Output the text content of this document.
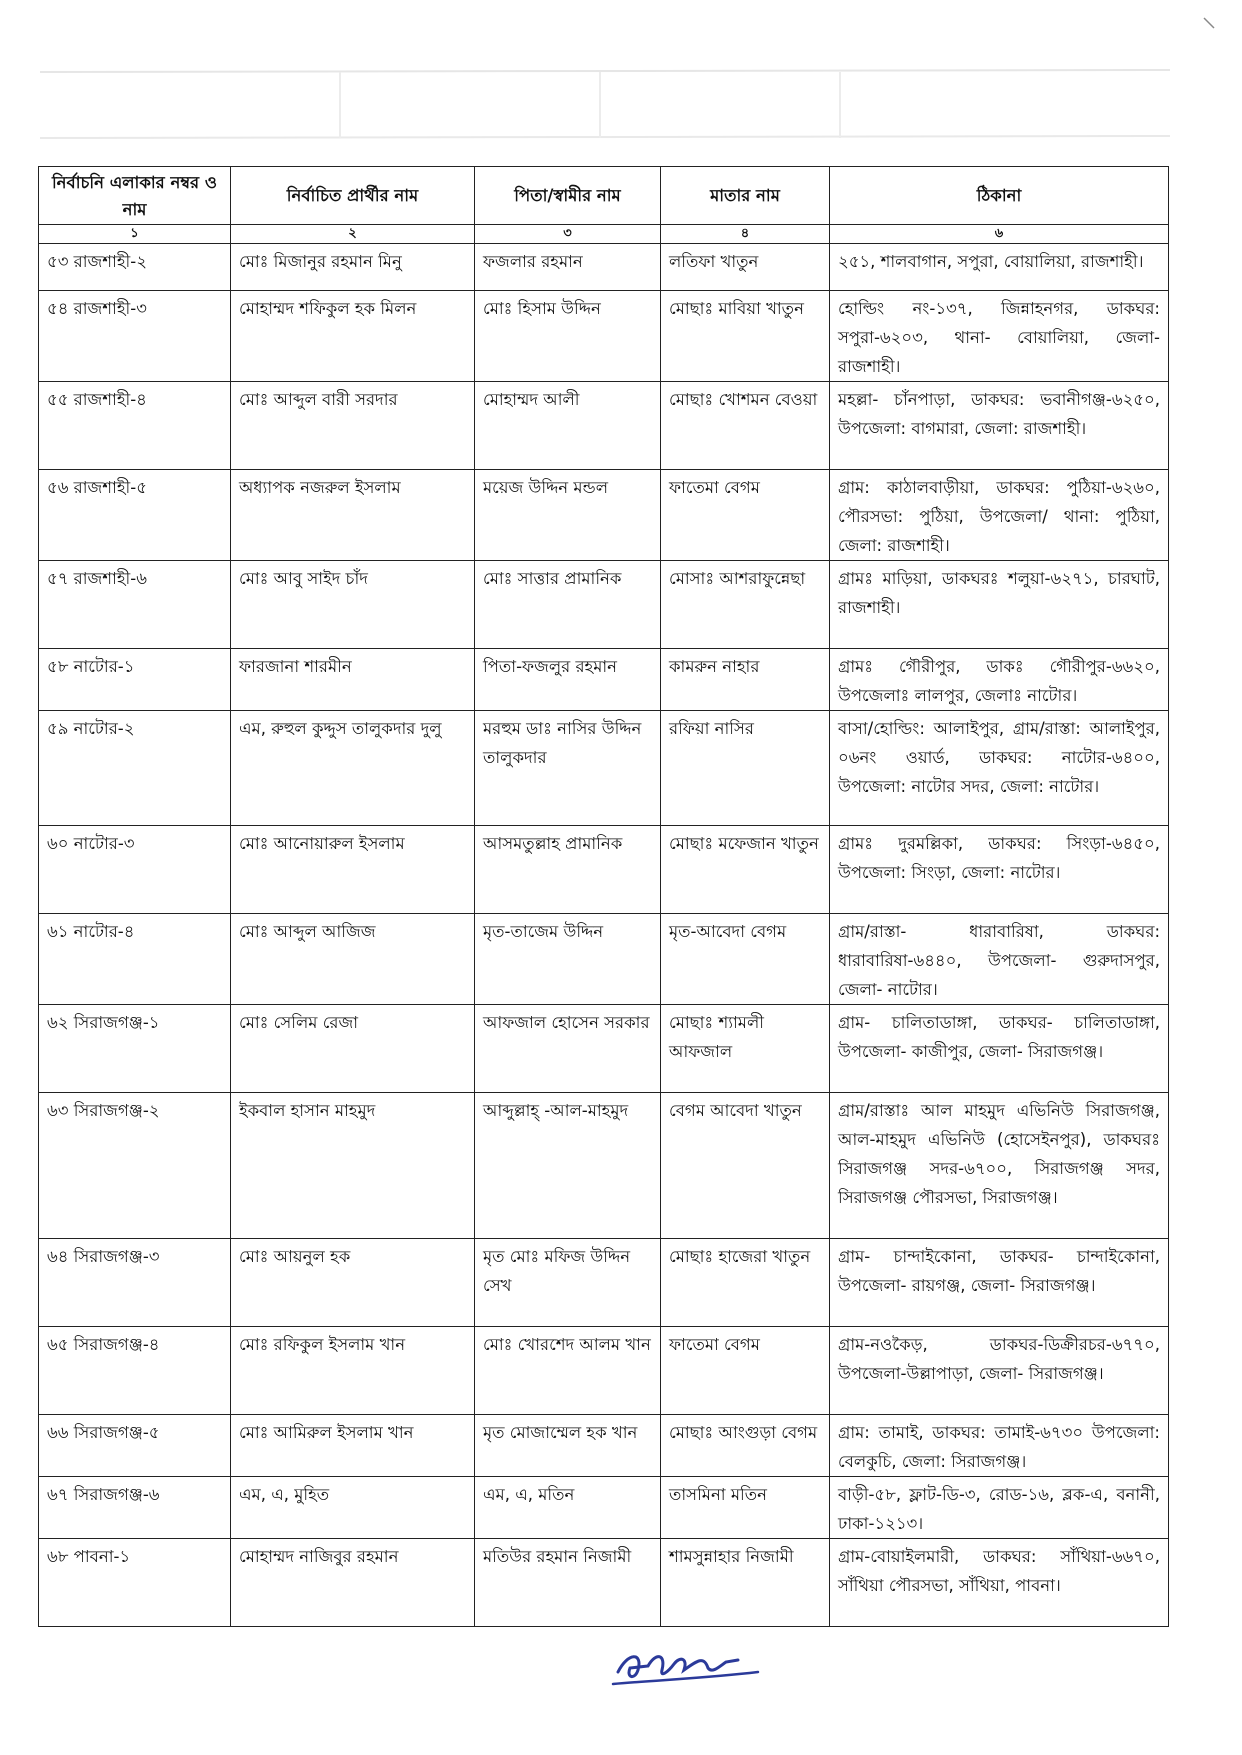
নির্বাচনি এলাকার নম্বর ও নাম	নির্বাচিত প্রার্থীর নাম	পিতা/স্বামীর নাম	মাতার নাম	ঠিকানা
১	২	৩	৪	৬
৫৩ রাজশাহী-২	মোঃ মিজানুর রহমান মিনু	ফজলার রহমান	লতিফা খাতুন	২৫১, শালবাগান, সপুরা, বোয়ালিয়া, রাজশাহী।
৫৪ রাজশাহী-৩	মোহাম্মদ শফিকুল হক মিলন	মোঃ হিসাম উদ্দিন	মোছাঃ মাবিয়া খাতুন	হোল্ডিং নং-১৩৭, জিন্নাহনগর, ডাকঘর: সপুরা-৬২০৩, থানা- বোয়ালিয়া, জেলা- রাজশাহী।
৫৫ রাজশাহী-৪	মোঃ আব্দুল বারী সরদার	মোহাম্মদ আলী	মোছাঃ খোশমন বেওয়া	মহল্লা- চাঁনপাড়া, ডাকঘর: ভবানীগঞ্জ-৬২৫০, উপজেলা: বাগমারা, জেলা: রাজশাহী।
৫৬ রাজশাহী-৫	অধ্যাপক নজরুল ইসলাম	ময়েজ উদ্দিন মন্ডল	ফাতেমা বেগম	গ্রাম: কাঠালবাড়ীয়া, ডাকঘর: পুঠিয়া-৬২৬০, পৌরসভা: পুঠিয়া, উপজেলা/ থানা: পুঠিয়া, জেলা: রাজশাহী।
৫৭ রাজশাহী-৬	মোঃ আবু সাইদ চাঁদ	মোঃ সাত্তার প্রামানিক	মোসাঃ আশরাফুন্নেছা	গ্রামঃ মাড়িয়া, ডাকঘরঃ শলুয়া-৬২৭১, চারঘাট, রাজশাহী।
৫৮ নাটোর-১	ফারজানা শারমীন	পিতা-ফজলুর রহমান	কামরুন নাহার	গ্রামঃ গৌরীপুর, ডাকঃ গৌরীপুর-৬৬২০, উপজেলাঃ লালপুর, জেলাঃ নাটোর।
৫৯ নাটোর-২	এম, রুহুল কুদ্দুস তালুকদার দুলু	মরহুম ডাঃ নাসির উদ্দিন তালুকদার	রফিয়া নাসির	বাসা/হোল্ডিং: আলাইপুর, গ্রাম/রাস্তা: আলাইপুর, ০৬নং ওয়ার্ড, ডাকঘর: নাটোর-৬৪০০, উপজেলা: নাটোর সদর, জেলা: নাটোর।
৬০ নাটোর-৩	মোঃ আনোয়ারুল ইসলাম	আসমতুল্লাহ প্রামানিক	মোছাঃ মফেজান খাতুন	গ্রামঃ দুরমল্লিকা, ডাকঘর: সিংড়া-৬৪৫০, উপজেলা: সিংড়া, জেলা: নাটোর।
৬১ নাটোর-৪	মোঃ আব্দুল আজিজ	মৃত-তাজেম উদ্দিন	মৃত-আবেদা বেগম	গ্রাম/রাস্তা- ধারাবারিষা, ডাকঘর: ধারাবারিষা-৬৪৪০, উপজেলা- গুরুদাসপুর, জেলা- নাটোর।
৬২ সিরাজগঞ্জ-১	মোঃ সেলিম রেজা	আফজাল হোসেন সরকার	মোছাঃ শ্যামলী আফজাল	গ্রাম- চালিতাডাঙ্গা, ডাকঘর- চালিতাডাঙ্গা, উপজেলা- কাজীপুর, জেলা- সিরাজগঞ্জ।
৬৩ সিরাজগঞ্জ-২	ইকবাল হাসান মাহমুদ	আব্দুল্লাহ্ -আল-মাহমুদ	বেগম আবেদা খাতুন	গ্রাম/রাস্তাঃ আল মাহমুদ এভিনিউ সিরাজগঞ্জ, আল-মাহমুদ এভিনিউ (হোসেইনপুর), ডাকঘরঃ সিরাজগঞ্জ সদর-৬৭০০, সিরাজগঞ্জ সদর, সিরাজগঞ্জ পৌরসভা, সিরাজগঞ্জ।
৬৪ সিরাজগঞ্জ-৩	মোঃ আয়নুল হক	মৃত মোঃ মফিজ উদ্দিন সেখ	মোছাঃ হাজেরা খাতুন	গ্রাম- চান্দাইকোনা, ডাকঘর- চান্দাইকোনা, উপজেলা- রায়গঞ্জ, জেলা- সিরাজগঞ্জ।
৬৫ সিরাজগঞ্জ-৪	মোঃ রফিকুল ইসলাম খান	মোঃ খোরশেদ আলম খান	ফাতেমা বেগম	গ্রাম-নওকৈড়, ডাকঘর-ডিক্রীরচর-৬৭৭০, উপজেলা-উল্লাপাড়া, জেলা- সিরাজগঞ্জ।
৬৬ সিরাজগঞ্জ-৫	মোঃ আমিরুল ইসলাম খান	মৃত মোজাম্মেল হক খান	মোছাঃ আংগুড়া বেগম	গ্রাম: তামাই, ডাকঘর: তামাই-৬৭৩০ উপজেলা: বেলকুচি, জেলা: সিরাজগঞ্জ।
৬৭ সিরাজগঞ্জ-৬	এম, এ, মুহিত	এম, এ, মতিন	তাসমিনা মতিন	বাড়ী-৫৮, ফ্লাট-ডি-৩, রোড-১৬, ব্লক-এ, বনানী, ঢাকা-১২১৩।
৬৮ পাবনা-১	মোহাম্মদ নাজিবুর রহমান	মতিউর রহমান নিজামী	শামসুন্নাহার নিজামী	গ্রাম-বোয়াইলমারী, ডাকঘর: সাঁথিয়া-৬৬৭০, সাঁথিয়া পৌরসভা, সাঁথিয়া, পাবনা।
